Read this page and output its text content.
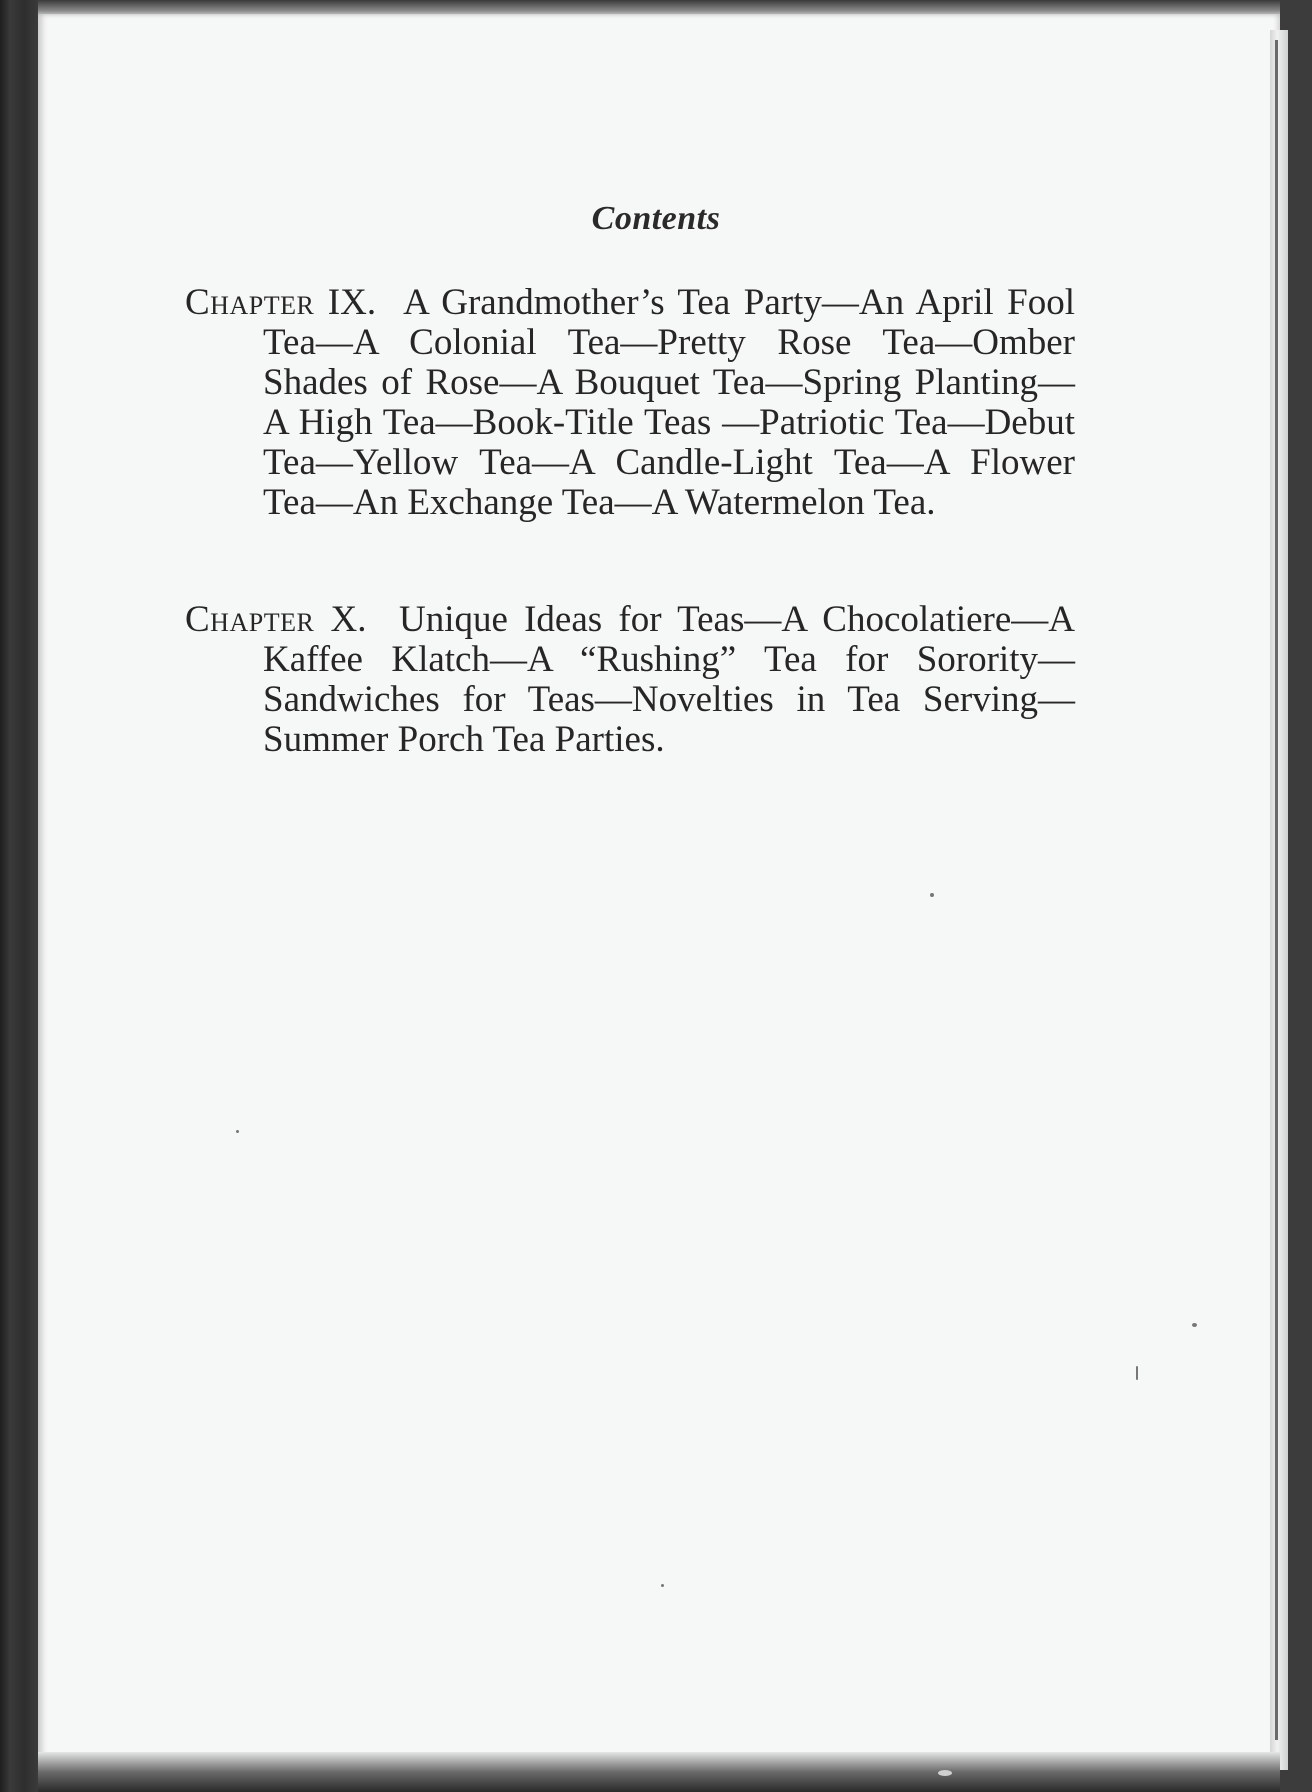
Contents
Chapter IX. A Grandmother’s Tea Party—An April Fool Tea—A Colonial Tea—Pretty Rose Tea—Omber Shades of Rose—A Bouquet Tea—Spring Planting—A High Tea—Book-Title Teas —Patriotic Tea—Debut Tea—Yellow Tea—A Candle-Light Tea—A Flower Tea—An Exchange Tea—A Watermelon Tea.
Chapter X. Unique Ideas for Teas—A Chocolatiere—A Kaffee Klatch—A “Rushing” Tea for Sorority—Sandwiches for Teas—Novelties in Tea Serving—Summer Porch Tea Parties.
